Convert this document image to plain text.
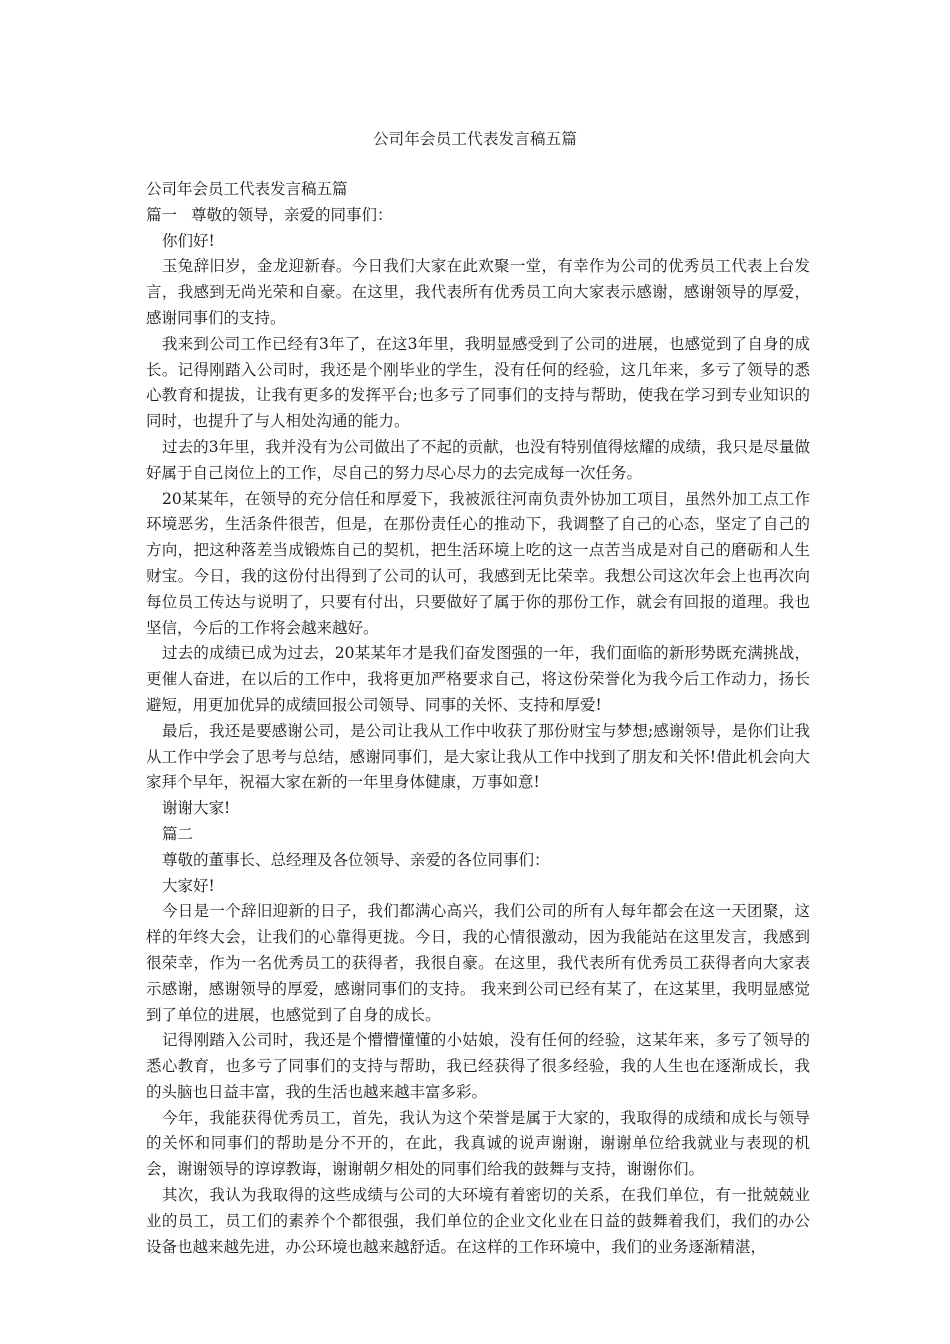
公司年会员工代表发言稿五篇

公司年会员工代表发言稿五篇

篇一 尊敬的领导，亲爱的同事们：

你们好!

玉兔辞旧岁，金龙迎新春。今日我们大家在此欢聚一堂，有幸作为公司的优秀员工代表上台发言，我感到无尚光荣和自豪。在这里，我代表所有优秀员工向大家表示感谢，感谢领导的厚爱，感谢同事们的支持。

我来到公司工作已经有3年了，在这3年里，我明显感受到了公司的进展，也感觉到了自身的成长。记得刚踏入公司时，我还是个刚毕业的学生，没有任何的经验，这几年来，多亏了领导的悉心教育和提拔，让我有更多的发挥平台;也多亏了同事们的支持与帮助，使我在学习到专业知识的同时，也提升了与人相处沟通的能力。

过去的3年里，我并没有为公司做出了不起的贡献，也没有特别值得炫耀的成绩，我只是尽量做好属于自己岗位上的工作，尽自己的努力尽心尽力的去完成每一次任务。

20某某年，在领导的充分信任和厚爱下，我被派往河南负责外协加工项目，虽然外加工点工作环境恶劣，生活条件很苦，但是，在那份责任心的推动下，我调整了自己的心态，坚定了自己的方向，把这种落差当成锻炼自己的契机，把生活环境上吃的这一点苦当成是对自己的磨砺和人生财宝。今日，我的这份付出得到了公司的认可，我感到无比荣幸。我想公司这次年会上也再次向每位员工传达与说明了，只要有付出，只要做好了属于你的那份工作，就会有回报的道理。我也坚信，今后的工作将会越来越好。

过去的成绩已成为过去，20某某年才是我们奋发图强的一年，我们面临的新形势既充满挑战，更催人奋进，在以后的工作中，我将更加严格要求自己，将这份荣誉化为我今后工作动力，扬长避短，用更加优异的成绩回报公司领导、同事的关怀、支持和厚爱!

最后，我还是要感谢公司，是公司让我从工作中收获了那份财宝与梦想;感谢领导，是你们让我从工作中学会了思考与总结，感谢同事们，是大家让我从工作中找到了朋友和关怀!借此机会向大家拜个早年，祝福大家在新的一年里身体健康，万事如意!

谢谢大家!

篇二

尊敬的董事长、总经理及各位领导、亲爱的各位同事们：

大家好!

今日是一个辞旧迎新的日子，我们都满心高兴，我们公司的所有人每年都会在这一天团聚，这样的年终大会，让我们的心靠得更拢。今日，我的心情很激动，因为我能站在这里发言，我感到很荣幸，作为一名优秀员工的获得者，我很自豪。在这里，我代表所有优秀员工获得者向大家表示感谢，感谢领导的厚爱，感谢同事们的支持。 我来到公司已经有某了，在这某里，我明显感觉到了单位的进展，也感觉到了自身的成长。

记得刚踏入公司时，我还是个懵懵懂懂的小姑娘，没有任何的经验，这某年来，多亏了领导的悉心教育，也多亏了同事们的支持与帮助，我已经获得了很多经验，我的人生也在逐渐成长，我的头脑也日益丰富，我的生活也越来越丰富多彩。

今年，我能获得优秀员工，首先，我认为这个荣誉是属于大家的，我取得的成绩和成长与领导的关怀和同事们的帮助是分不开的，在此，我真诚的说声谢谢，谢谢单位给我就业与表现的机会，谢谢领导的谆谆教诲，谢谢朝夕相处的同事们给我的鼓舞与支持，谢谢你们。

其次，我认为我取得的这些成绩与公司的大环境有着密切的关系，在我们单位，有一批兢兢业业的员工，员工们的素养个个都很强，我们单位的企业文化业在日益的鼓舞着我们，我们的办公设备也越来越先进，办公环境也越来越舒适。在这样的工作环境中，我们的业务逐渐精湛，
